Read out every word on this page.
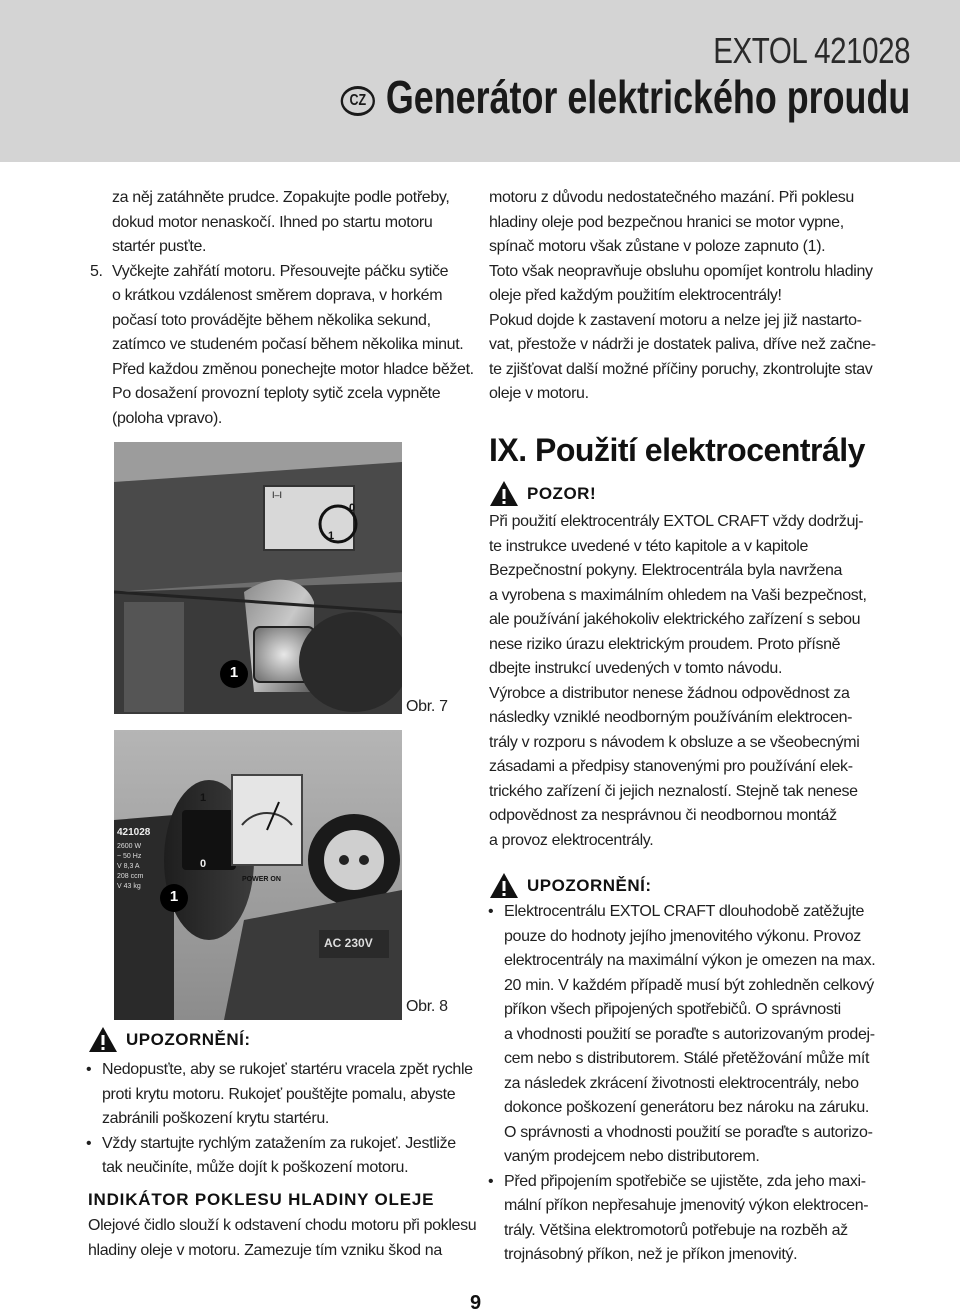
EXTOL 421028
CZ Generátor elektrického proudu
za něj zatáhněte prudce. Zopakujte podle potřeby,
dokud motor nenaskočí. Ihned po startu motoru
startér pusťte.
5. Vyčkejte zahřátí motoru. Přesouvejte páčku sytiče
o krátkou vzdálenost směrem doprava, v horkém
počasí toto provádějte během několika sekund,
zatímco ve studeném počasí během několika minut.
Před každou změnou ponechejte motor hladce běžet.
Po dosažení provozní teploty sytič zcela vypněte
(poloha vpravo).
I–I
0
1
1
Obr. 7
421028
2600 W
~ 50 Hz
V 8,3 A
208 ccm
V 43 kg
1
0
POWER ON
AC 230V
1
Obr. 8
UPOZORNĚNÍ:
• Nedopusťte, aby se rukojeť startéru vracela zpět rychle
proti krytu motoru. Rukojeť pouštějte pomalu, abyste
zabránili poškození krytu startéru.
• Vždy startujte rychlým zatažením za rukojeť. Jestliže
tak neučiníte, může dojít k poškození motoru.
INDIKÁTOR POKLESU HLADINY OLEJE
Olejové čidlo slouží k odstavení chodu motoru při poklesu
hladiny oleje v motoru. Zamezuje tím vzniku škod na
motoru z důvodu nedostatečného mazání. Při poklesu
hladiny oleje pod bezpečnou hranici se motor vypne,
spínač motoru však zůstane v poloze zapnuto (1).
Toto však neopravňuje obsluhu opomíjet kontrolu hladiny
oleje před každým použitím elektrocentrály!
Pokud dojde k zastavení motoru a nelze jej již nastarto-
vat, přestože v nádrži je dostatek paliva, dříve než začne-
te zjišťovat další možné příčiny poruchy, zkontrolujte stav
oleje v motoru.
IX. Použití elektrocentrály
POZOR!
Při použití elektrocentrály EXTOL CRAFT vždy dodržuj-
te instrukce uvedené v této kapitole a v kapitole
Bezpečnostní pokyny. Elektrocentrála byla navržena
a vyrobena s maximálním ohledem na Vaši bezpečnost,
ale používání jakéhokoliv elektrického zařízení s sebou
nese riziko úrazu elektrickým proudem. Proto přísně
dbejte instrukcí uvedených v tomto návodu.
Výrobce a distributor nenese žádnou odpovědnost za
následky vzniklé neodborným používáním elektrocen-
trály v rozporu s návodem k obsluze a se všeobecnými
zásadami a předpisy stanovenými pro používání elek-
trického zařízení či jejich neznalostí. Stejně tak nenese
odpovědnost za nesprávnou či neodbornou montáž
a provoz elektrocentrály.
UPOZORNĚNÍ:
• Elektrocentrálu EXTOL CRAFT dlouhodobě zatěžujte
pouze do hodnoty jejího jmenovitého výkonu. Provoz
elektrocentrály na maximální výkon je omezen na max.
20 min. V každém případě musí být zohledněn celkový
příkon všech připojených spotřebičů. O správnosti
a vhodnosti použití se poraďte s autorizovaným prodej-
cem nebo s distributorem. Stálé přetěžování může mít
za následek zkrácení životnosti elektrocentrály, nebo
dokonce poškození generátoru bez nároku na záruku.
O správnosti a vhodnosti použití se poraďte s autorizo-
vaným prodejcem nebo distributorem.
• Před připojením spotřebiče se ujistěte, zda jeho maxi-
mální příkon nepřesahuje jmenovitý výkon elektrocen-
trály. Většina elektromotorů potřebuje na rozběh až
trojnásobný příkon, než je příkon jmenovitý.
9
